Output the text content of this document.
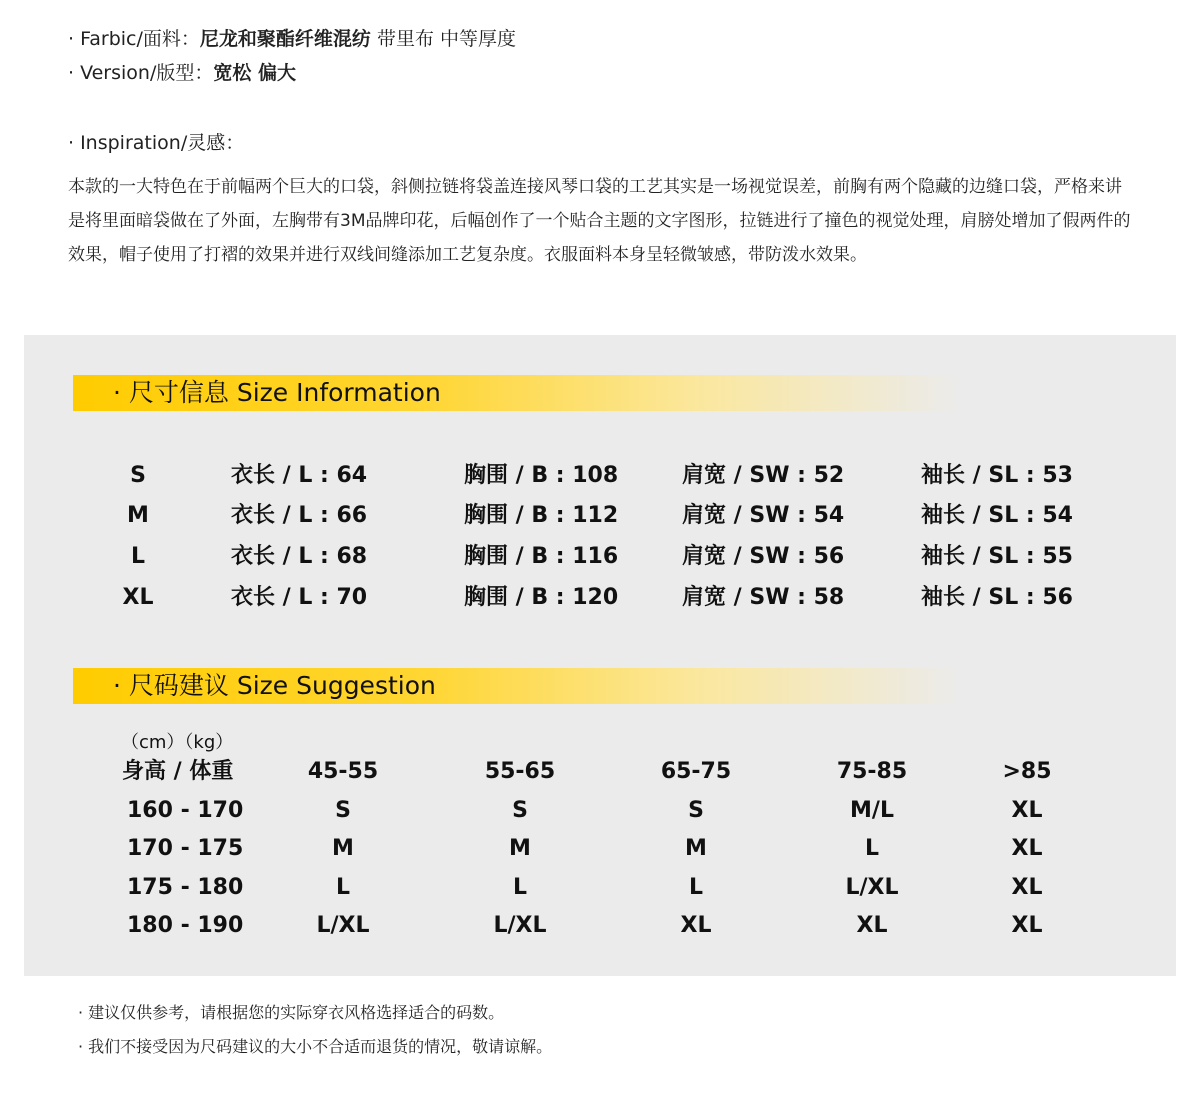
· Farbic/面料：尼龙和聚酯纤维混纺 带里布 中等厚度
· Version/版型：宽松 偏大
· Inspiration/灵感：
本款的一大特色在于前幅两个巨大的口袋，斜侧拉链将袋盖连接风琴口袋的工艺其实是一场视觉误差，前胸有两个隐藏的边缝口袋，严格来讲是将里面暗袋做在了外面，左胸带有3M品牌印花，后幅创作了一个贴合主题的文字图形，拉链进行了撞色的视觉处理，肩膀处增加了假两件的效果，帽子使用了打褶的效果并进行双线间缝添加工艺复杂度。衣服面料本身呈轻微皱感，带防泼水效果。
· 尺寸信息 Size Information
S	衣长 / L : 64	胸围 / B : 108	肩宽 / SW : 52	袖长 / SL : 53
M	衣长 / L : 66	胸围 / B : 112	肩宽 / SW : 54	袖长 / SL : 54
L	衣长 / L : 68	胸围 / B : 116	肩宽 / SW : 56	袖长 / SL : 55
XL	衣长 / L : 70	胸围 / B : 120	肩宽 / SW : 58	袖长 / SL : 56
· 尺码建议 Size Suggestion
（cm）（kg）
身高 / 体重	45-55	55-65	65-75	75-85	>85
160 - 170	S	S	S	M/L	XL
170 - 175	M	M	M	L	XL
175 - 180	L	L	L	L/XL	XL
180 - 190	L/XL	L/XL	XL	XL	XL
· 建议仅供参考，请根据您的实际穿衣风格选择适合的码数。
· 我们不接受因为尺码建议的大小不合适而退货的情况，敬请谅解。
